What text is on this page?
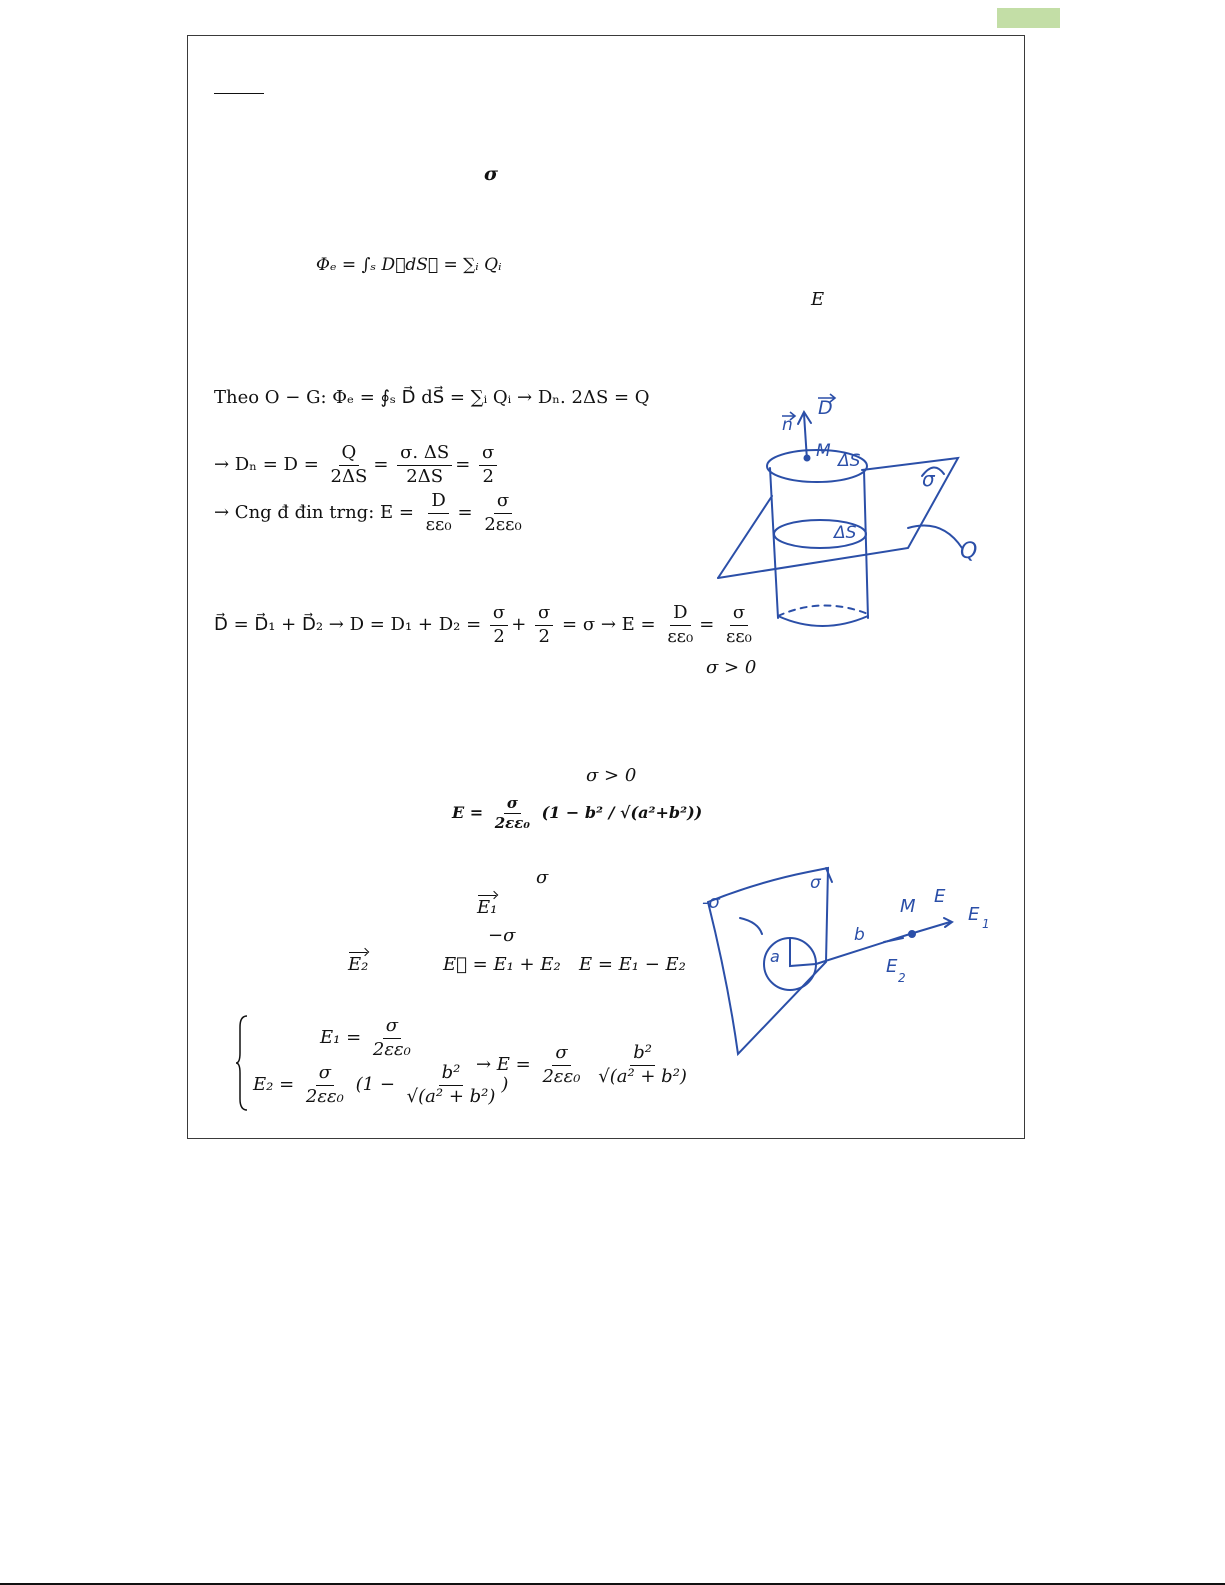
σ
Φₑ = ∫ₛ D⃗dS⃗ = ∑ᵢ Qᵢ
E
Theo O − G: Φₑ = ∮ₛ D⃗ dS⃗ = ∑ᵢ Qᵢ → Dₙ. 2ΔS = Q
→ $D_n = D = \frac{Q}{2\Delta S} = \frac{\sigma. \Delta S}{2\Delta S} = \frac{\sigma}{2}$
→ Cng đ đin trng: $E = \frac{D}{\text{εε₀}} = \frac{\sigma}{\text{2εε₀}}$
D⃗ = D⃗₁ + D⃗₂ → $D = D_1 + D_2 = \frac{\sigma}{2} + \frac{\sigma}{2} = \sigma \to E = \frac{D}{\text{εε₀}} = \frac{\sigma}{\text{εε₀}}$
σ > 0
σ > 0
$E = \frac{\sigma}{\text{2εε₀}} (1 - b^2 / √(a^2+b^2))$
σ
E₁
−σ
E₂	E⃗ = E₁ + E₂ E = E₁ − E₂
$E_1 = \frac{\sigma}{\text{2εε₀}}$
$E_2 = \frac{\sigma}{\text{2εε₀}} (1 - \frac{\text{b²}}{\text{√(a² + b²)}}$ )
→ $E = \frac{\sigma}{\text{2εε₀}}$
$\frac{\text{b²}}{\text{√(a² + b²)}}$
n
D
M ΔS
ΔS
σ
Q
-σ
σ
a
b
M E
E 1
E
2
